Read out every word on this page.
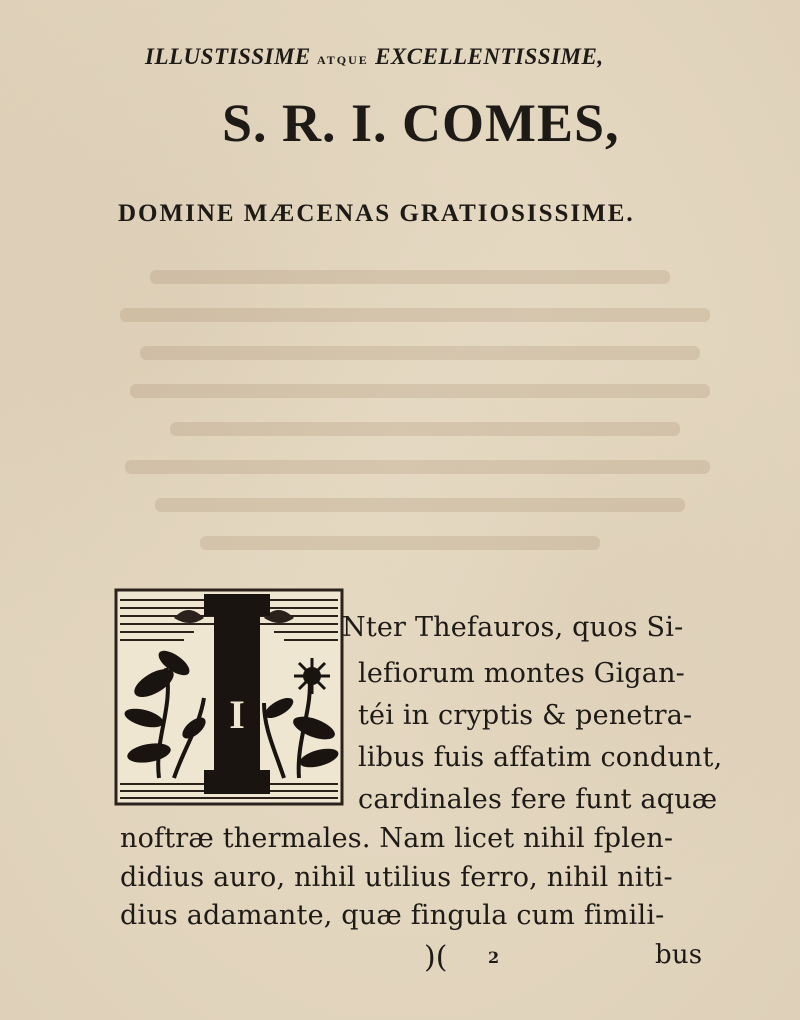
ILLUSTISSIME ATQUE EXCELLENTISSIME,
S. R. I. COMES,
DOMINE MÆCENAS GRATIOSISSIME.
I
Nter Thefauros, quos Si-
lefiorum montes Gigan-
téi in cryptis & penetra-
libus fuis affatim condunt,
cardinales fere funt aquæ
noftræ thermales. Nam licet nihil fplen-
didius auro, nihil utilius ferro, nihil niti-
dius adamante, quæ fingula cum fimili-
)(	2	bus
